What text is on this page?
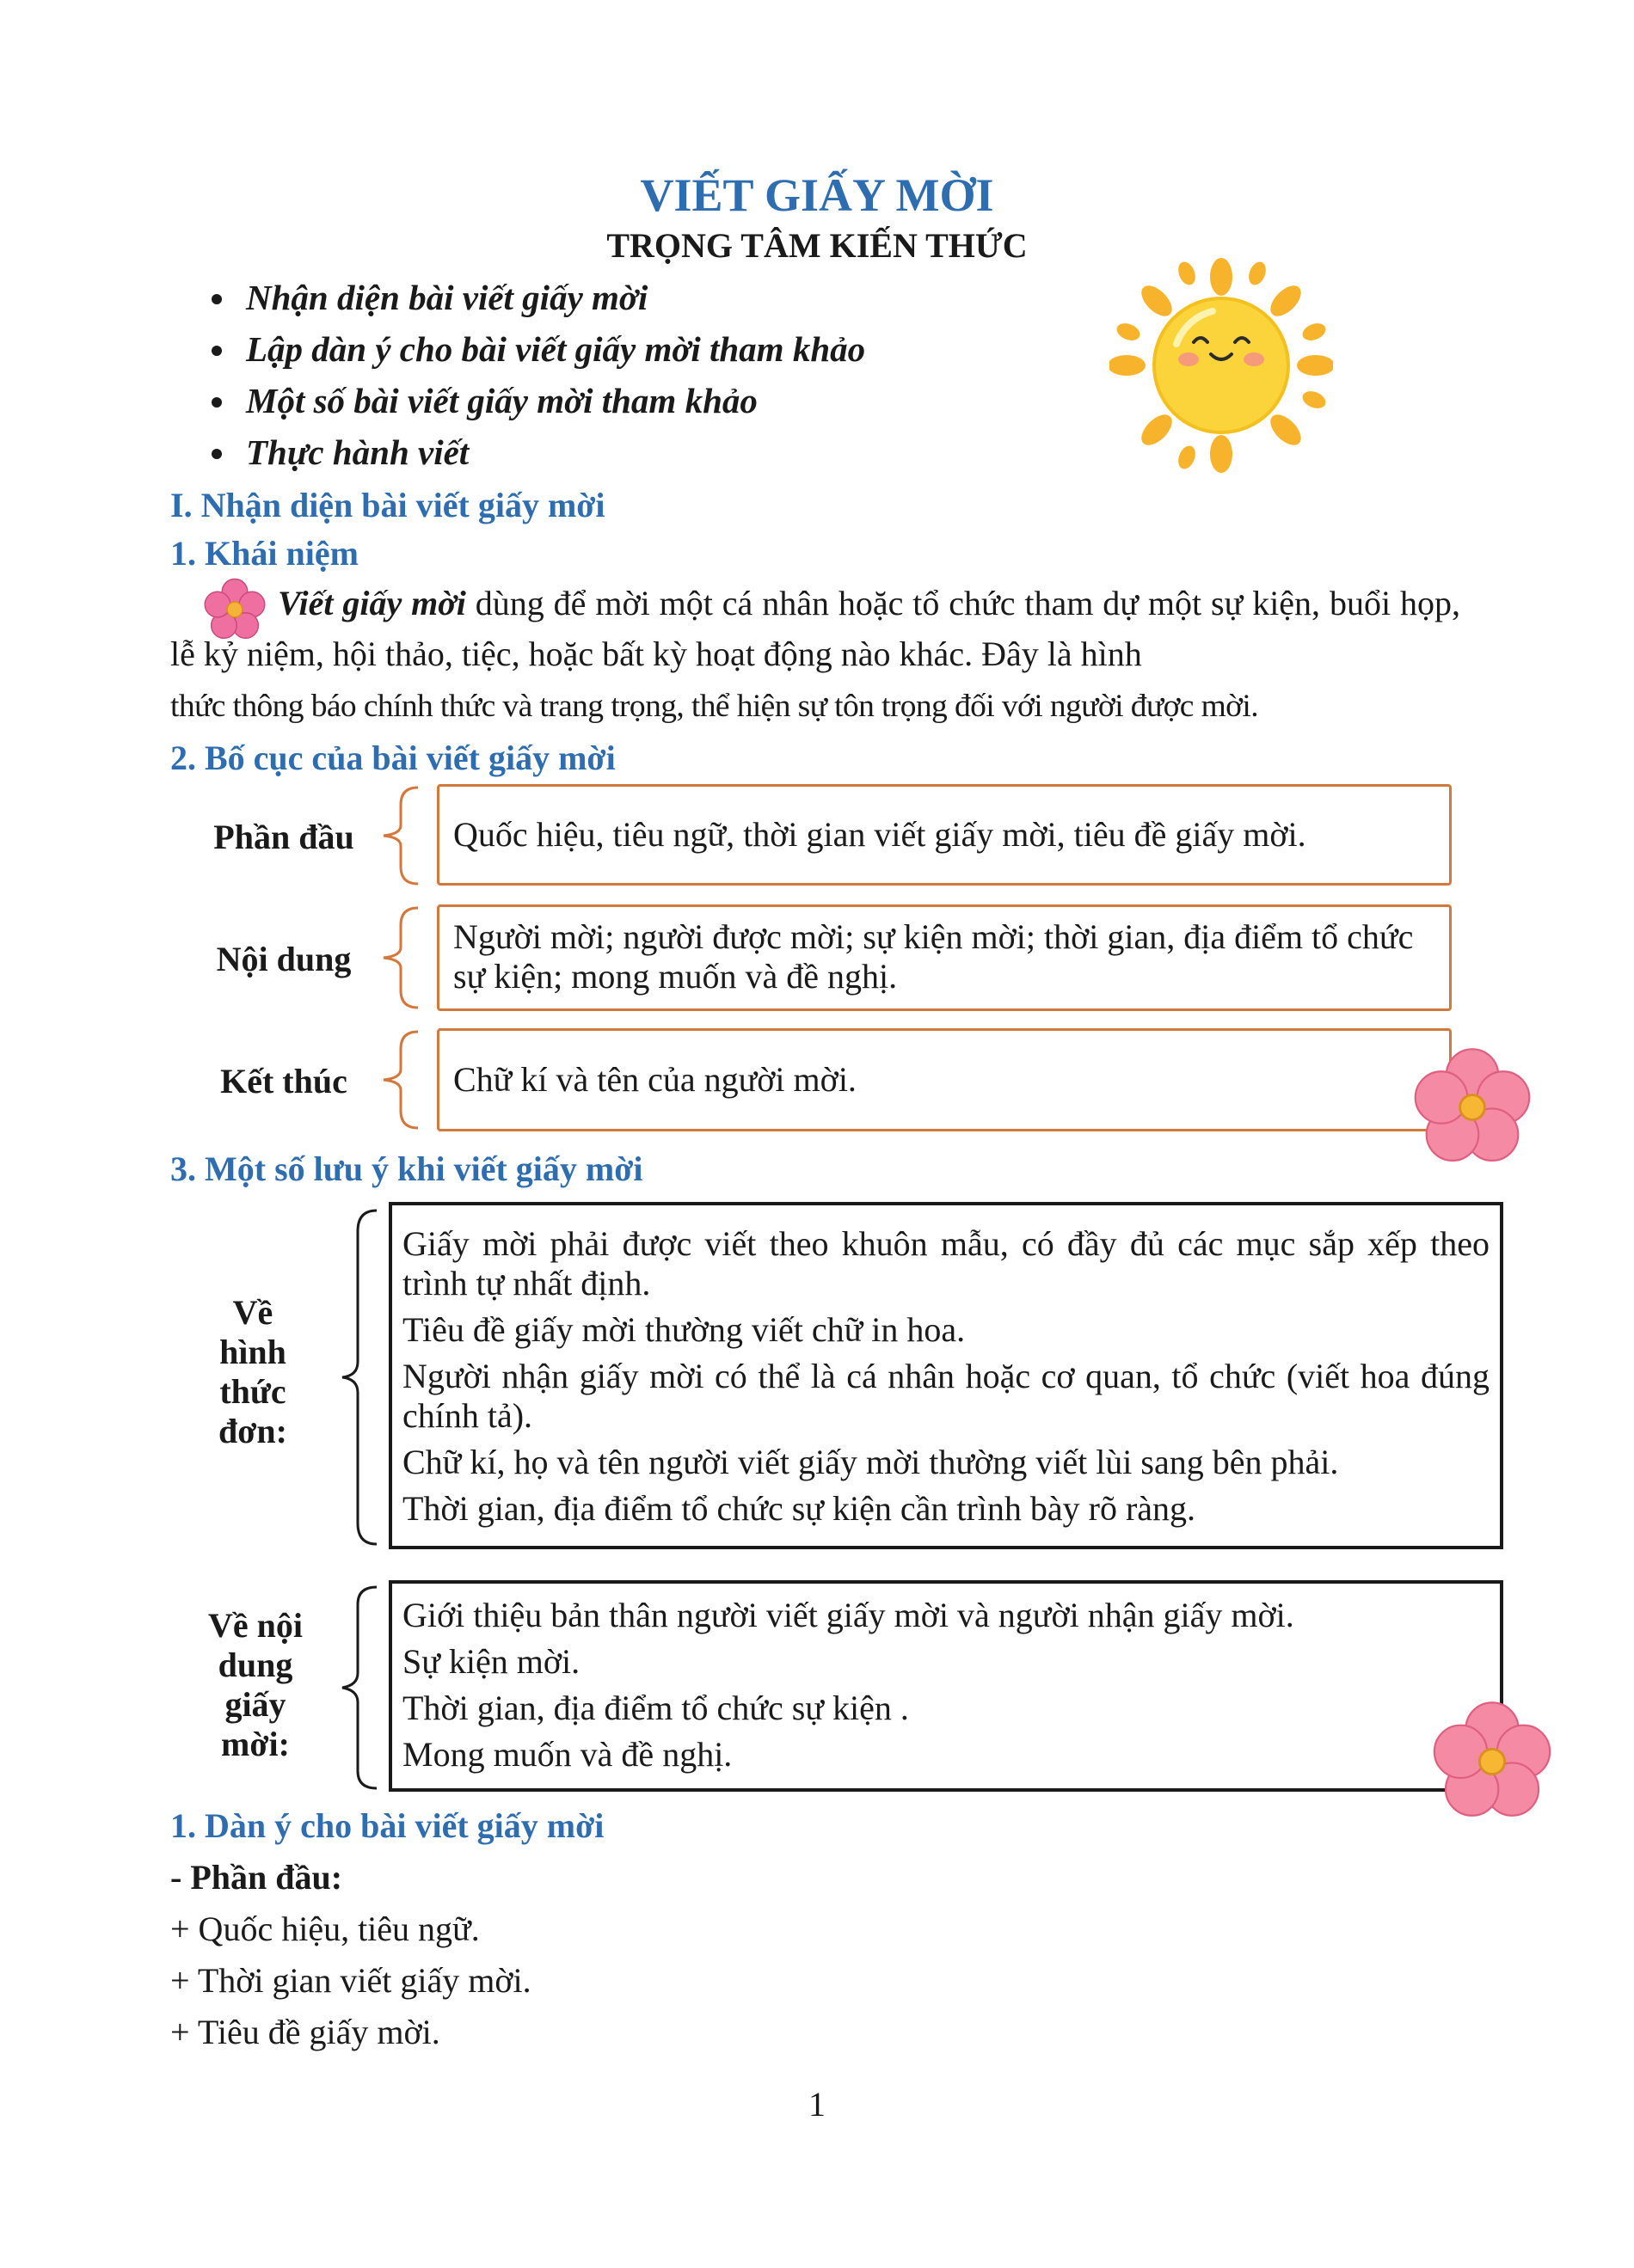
VIẾT GIẤY MỜI
TRỌNG TÂM KIẾN THỨC
Nhận diện bài viết giấy mời
Lập dàn ý cho bài viết giấy mời tham khảo
Một số bài viết giấy mời tham khảo
Thực hành viết
I. Nhận diện bài viết giấy mời
1. Khái niệm
Viết giấy mời dùng để mời một cá nhân hoặc tổ chức tham dự một sự kiện, buổi họp, lễ kỷ niệm, hội thảo, tiệc, hoặc bất kỳ hoạt động nào khác. Đây là hình
thức thông báo chính thức và trang trọng, thể hiện sự tôn trọng đối với người được mời.
2. Bố cục của bài viết giấy mời
Phần đầu	Quốc hiệu, tiêu ngữ, thời gian viết giấy mời, tiêu đề giấy mời.
Nội dung
Người mời; người được mời; sự kiện mời; thời gian, địa điểm tổ chức sự kiện; mong muốn và đề nghị.
Kết thúc	Chữ kí và tên của người mời.
3. Một số lưu ý khi viết giấy mời
Về hình thức đơn:

Giấy mời phải được viết theo khuôn mẫu, có đầy đủ các mục sắp xếp theo trình tự nhất định.

Tiêu đề giấy mời thường viết chữ in hoa.

Người nhận giấy mời có thể là cá nhân hoặc cơ quan, tổ chức (viết hoa đúng chính tả).

Chữ kí, họ và tên người viết giấy mời thường viết lùi sang bên phải.

Thời gian, địa điểm tổ chức sự kiện cần trình bày rõ ràng.

Về nội dung giấy mời:

Giới thiệu bản thân người viết giấy mời và người nhận giấy mời.

Sự kiện mời.

Thời gian, địa điểm tổ chức sự kiện .

Mong muốn và đề nghị.

1. Dàn ý cho bài viết giấy mời
- Phần đầu:
+ Quốc hiệu, tiêu ngữ.
+ Thời gian viết giấy mời.
+ Tiêu đề giấy mời.
1
